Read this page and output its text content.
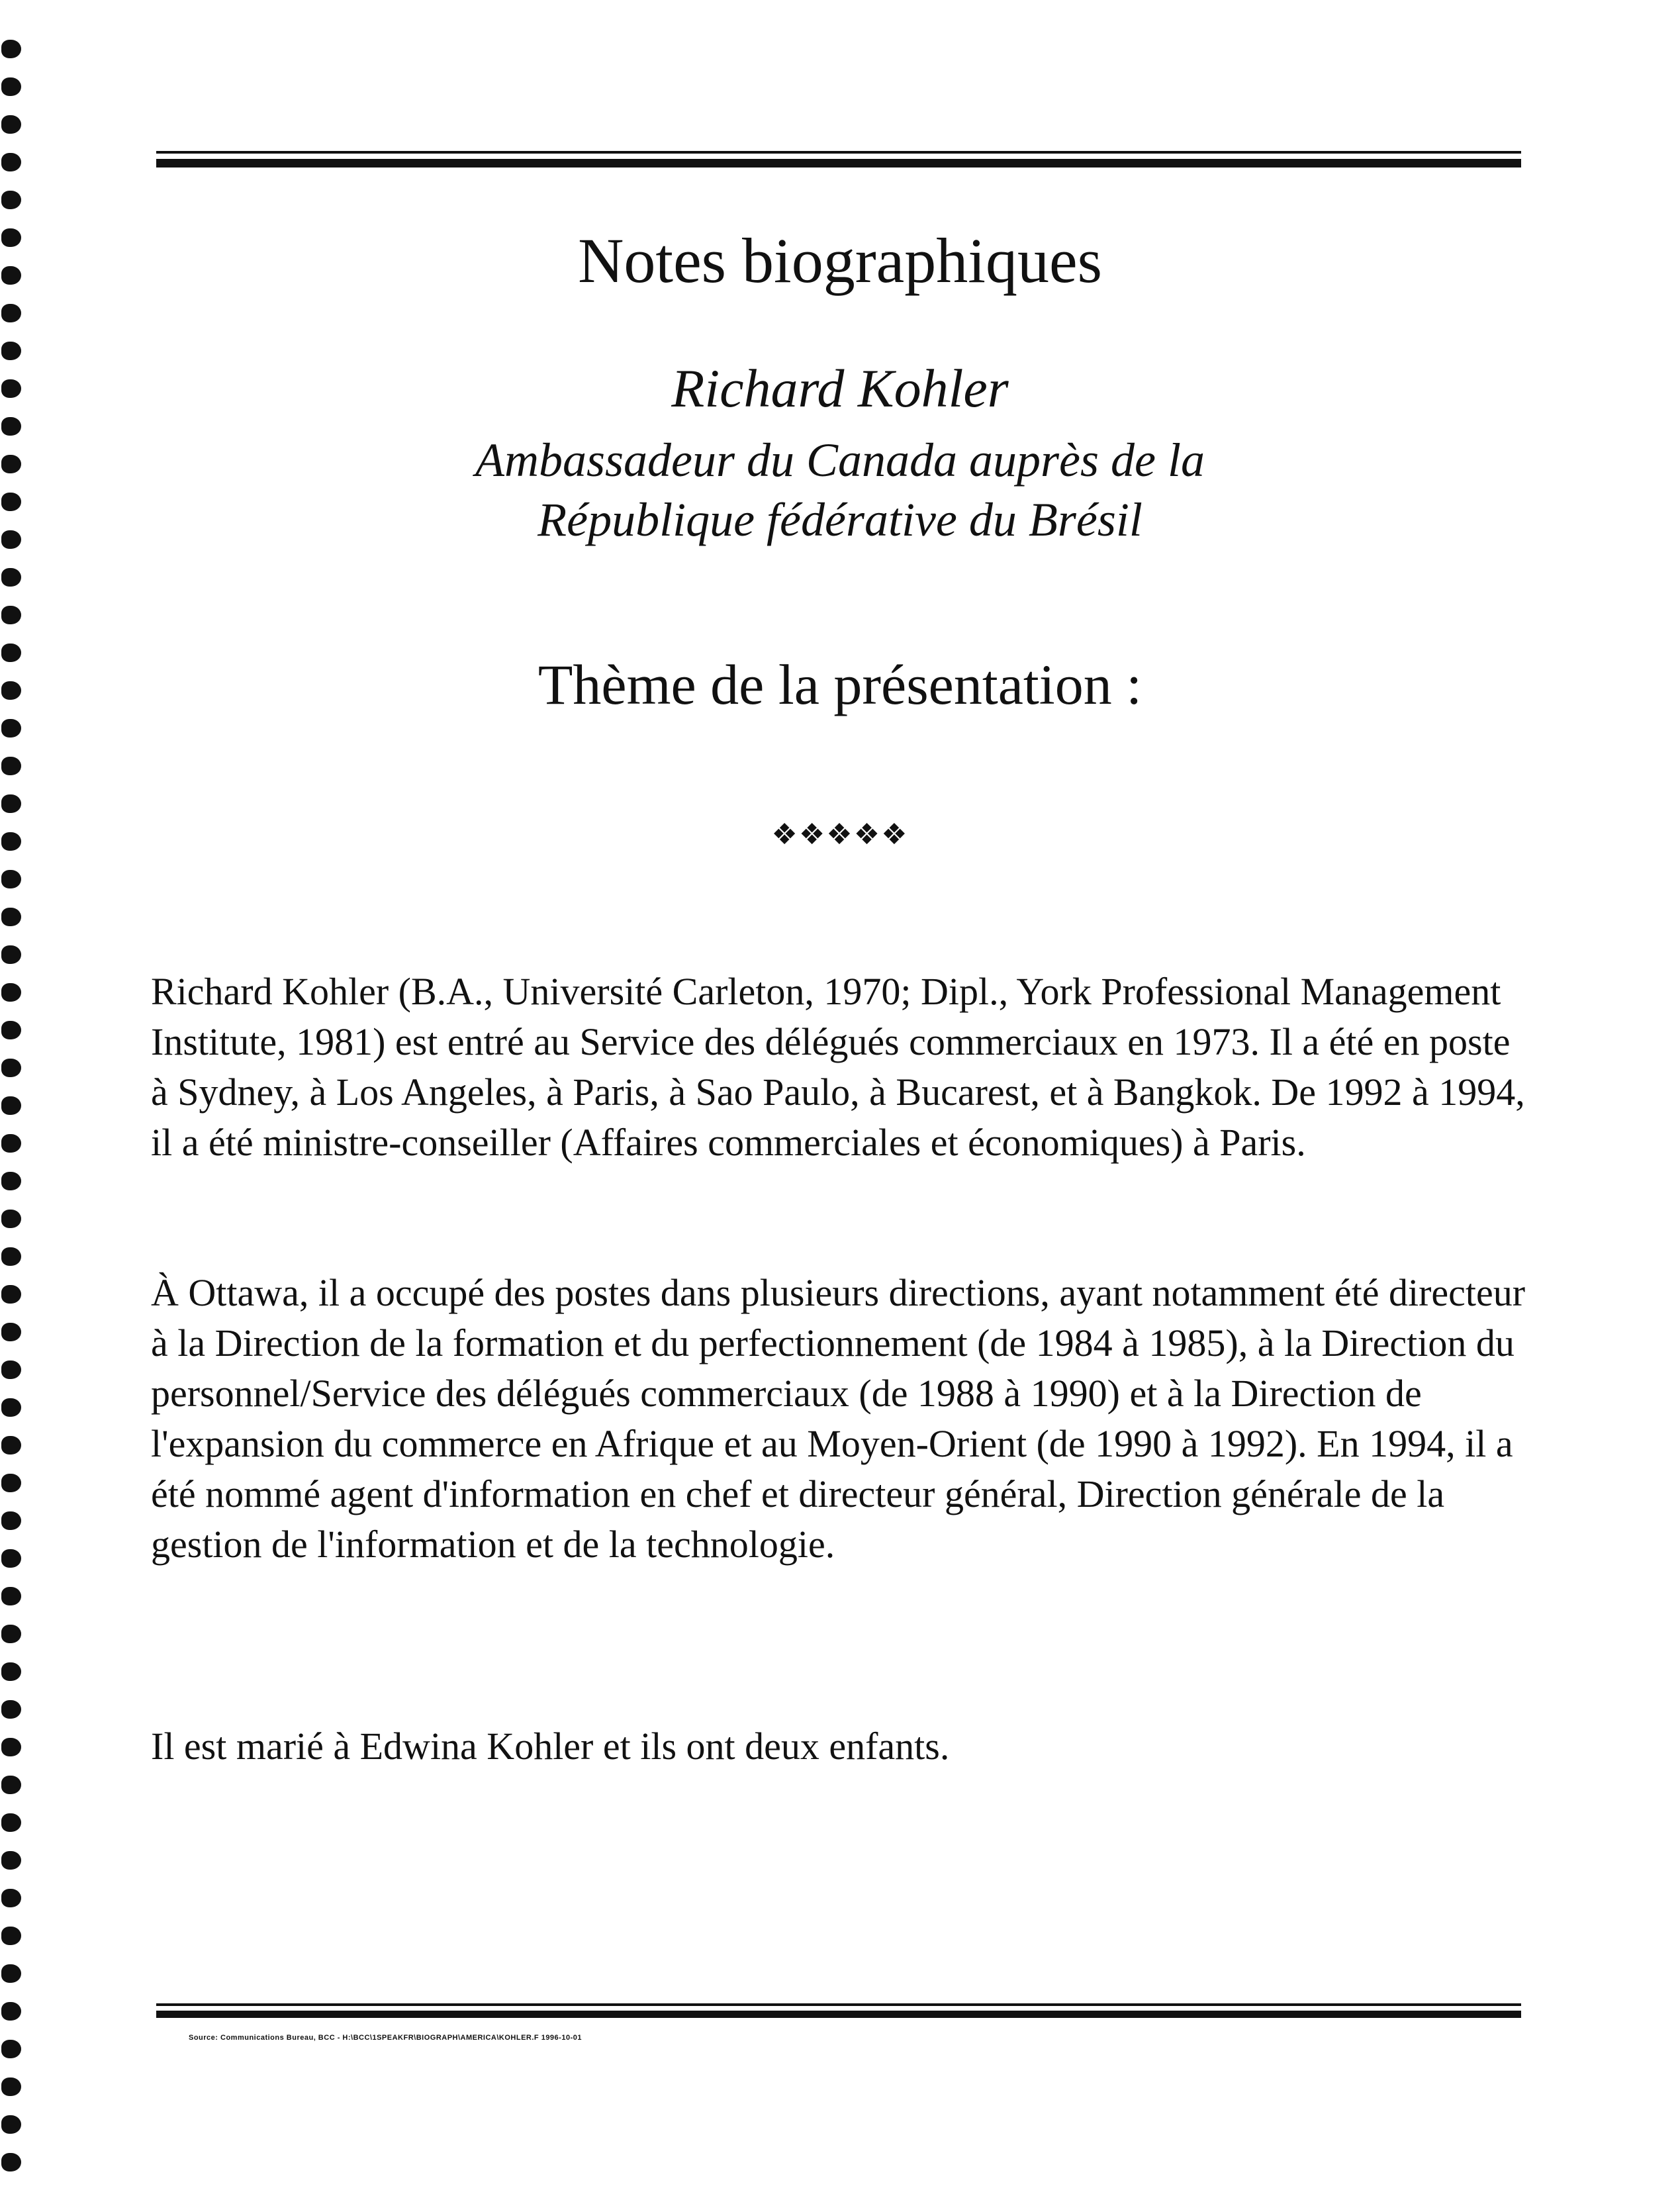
Notes biographiques
Richard Kohler
Ambassadeur du Canada auprès de la
République fédérative du Brésil
Thème de la présentation :
❖❖❖❖❖

Richard Kohler (B.A., Université Carleton, 1970; Dipl., York Professional Management Institute, 1981) est entré au Service des délégués commerciaux en 1973. Il a été en poste à Sydney, à Los Angeles, à Paris, à Sao Paulo, à Bucarest, et à Bangkok. De 1992 à 1994, il a été ministre-conseiller (Affaires commerciales et économiques) à Paris.

À Ottawa, il a occupé des postes dans plusieurs directions, ayant notamment été directeur à la Direction de la formation et du perfectionnement (de 1984 à 1985), à la Direction du personnel/Service des délégués commerciaux (de 1988 à 1990) et à la Direction de l'expansion du commerce en Afrique et au Moyen-Orient (de 1990 à 1992). En 1994, il a été nommé agent d'information en chef et directeur général, Direction générale de la gestion de l'information et de la technologie.

Il est marié à Edwina Kohler et ils ont deux enfants.

Source: Communications Bureau, BCC - H:\BCC\1SPEAKFR\BIOGRAPH\AMERICA\KOHLER.F 1996-10-01
